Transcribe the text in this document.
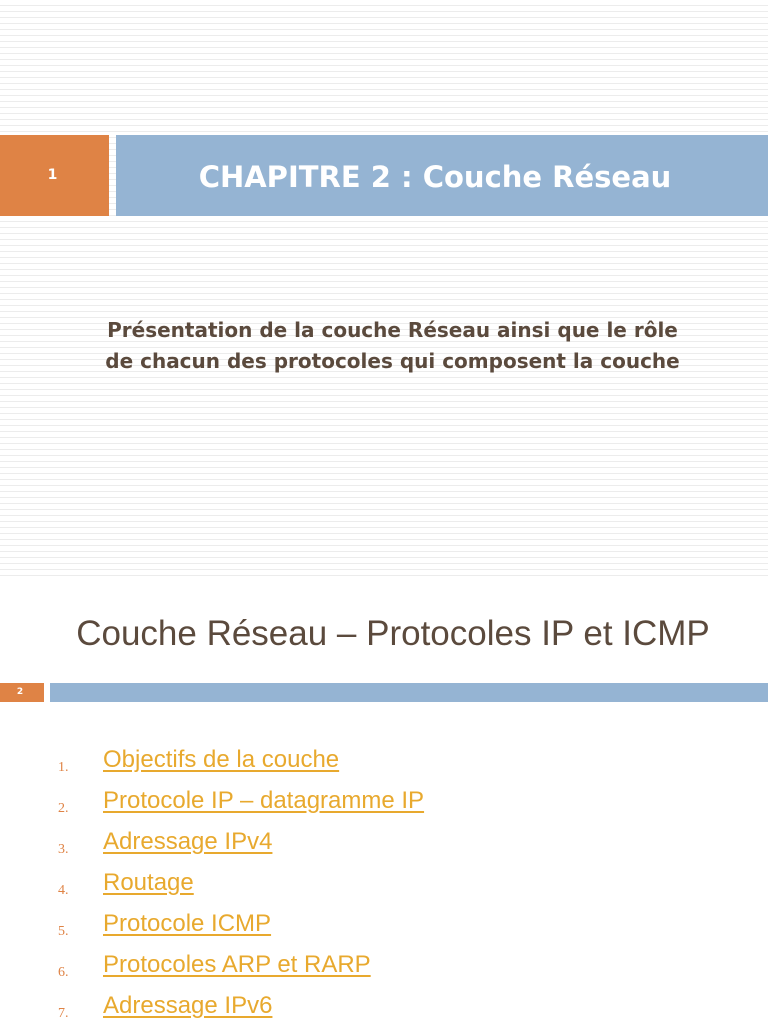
1	CHAPITRE 2 : Couche Réseau
Présentation de la couche Réseau ainsi que le rôle de chacun des protocoles qui composent la couche
Couche Réseau – Protocoles IP et ICMP
2
1. Objectifs de la couche
2. Protocole IP – datagramme IP
3. Adressage IPv4
4. Routage
5. Protocole ICMP
6. Protocoles ARP et RARP
7. Adressage IPv6
